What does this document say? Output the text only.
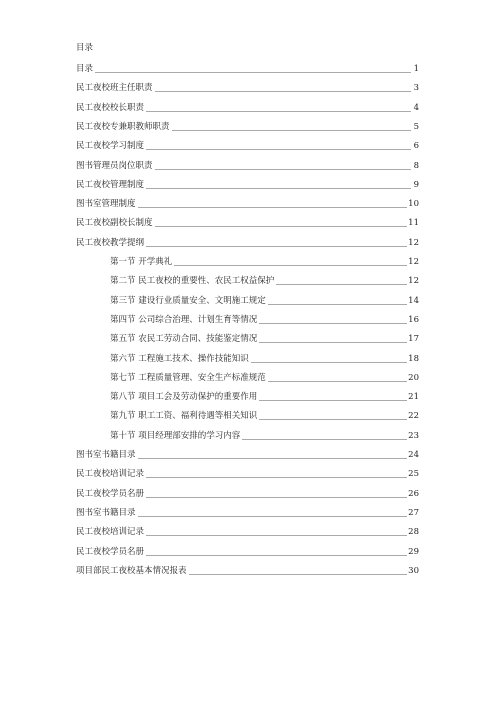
目录
目录	1
民工夜校班主任职责	3
民工夜校校长职责	4
民工夜校专兼职教师职责	5
民工夜校学习制度	6
图书管理员岗位职责	8
民工夜校管理制度	9
图书室管理制度	10
民工夜校副校长制度	11
民工夜校教学提纲	12
第一节 开学典礼	12
第二节 民工夜校的重要性、农民工权益保护	12
第三节 建设行业质量安全、文明施工规定	14
第四节 公司综合治理、计划生育等情况	16
第五节 农民工劳动合同、技能鉴定情况	17
第六节 工程施工技术、操作技能知识	18
第七节 工程质量管理、安全生产标准规范	20
第八节 项目工会及劳动保护的重要作用	21
第九节 职工工资、福利待遇等相关知识	22
第十节 项目经理部安排的学习内容	23
图书室书籍目录	24
民工夜校培训记录	25
民工夜校学员名册	26
图书室书籍目录	27
民工夜校培训记录	28
民工夜校学员名册	29
项目部民工夜校基本情况报表	30
